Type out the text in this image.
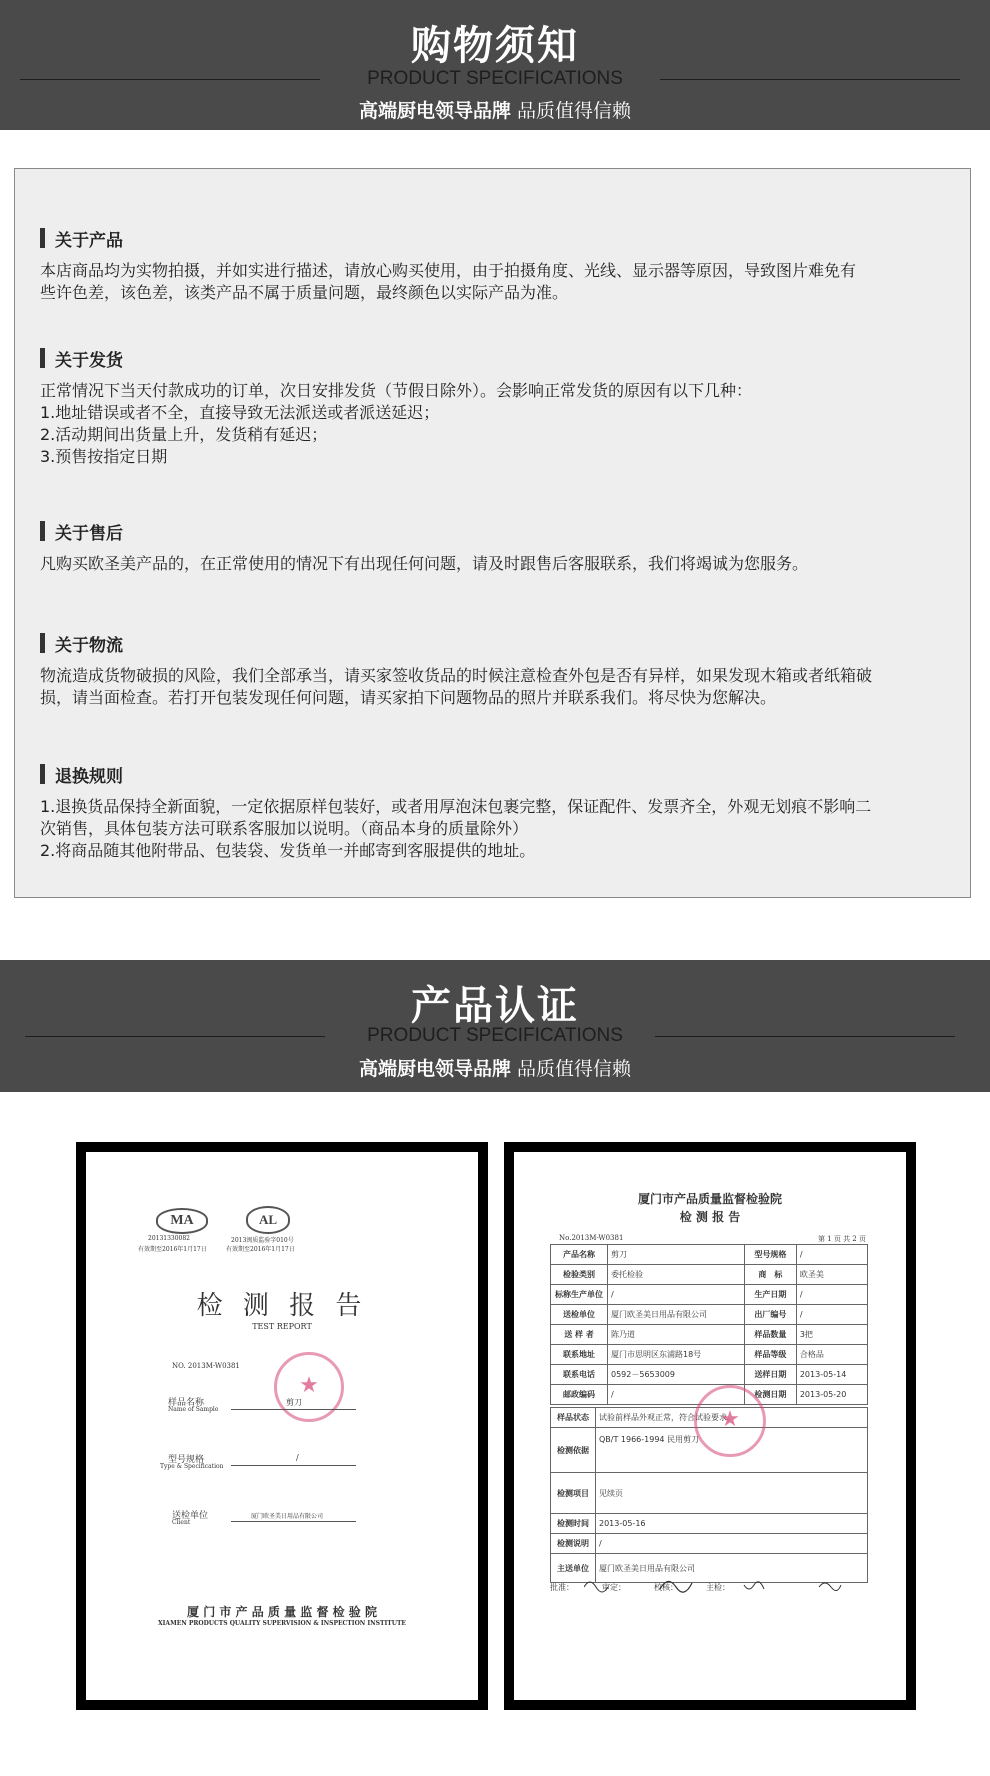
购物须知
PRODUCT SPECIFICATIONS
高端厨电领导品牌 品质值得信赖
关于产品

本店商品均为实物拍摄，并如实进行描述，请放心购买使用，由于拍摄角度、光线、显示器等原因，导致图片难免有

些许色差，该色差，该类产品不属于质量问题，最终颜色以实际产品为准。

关于发货

正常情况下当天付款成功的订单，次日安排发货（节假日除外）。会影响正常发货的原因有以下几种：

1.地址错误或者不全，直接导致无法派送或者派送延迟；

2.活动期间出货量上升，发货稍有延迟；

3.预售按指定日期

关于售后

凡购买欧圣美产品的，在正常使用的情况下有出现任何问题，请及时跟售后客服联系，我们将竭诚为您服务。

关于物流

物流造成货物破损的风险，我们全部承当，请买家签收货品的时候注意检查外包是否有异样，如果发现木箱或者纸箱破

损，请当面检查。若打开包装发现任何问题，请买家拍下问题物品的照片并联系我们。将尽快为您解决。

退换规则

1.退换货品保持全新面貌，一定依据原样包装好，或者用厚泡沫包裹完整，保证配件、发票齐全，外观无划痕不影响二

次销售，具体包装方法可联系客服加以说明。（商品本身的质量除外）

2.将商品随其他附带品、包装袋、发货单一并邮寄到客服提供的地址。

产品认证
PRODUCT SPECIFICATIONS
高端厨电领导品牌 品质值得信赖
MA	AL
20131330082
有效期至2016年1月17日
2013闽质监验字010号
有效期至2016年1月17日
检 测 报 告
TEST REPORT
NO. 2013M-W0381
★
样品名称
Name of Sample
剪刀
型号规格
Type & Specification
/
送检单位
Client
厦门欧圣美日用品有限公司
厦 门 市 产 品 质 量 监 督 检 验 院
XIAMEN PRODUCTS QUALITY SUPERVISION & INSPECTION INSTITUTE
厦门市产品质量监督检验院
检 测 报 告
No.2013M-W0381	第 1 页 共 2 页
产品名称	剪刀	型号规格	/
检验类别	委托检验	商　标	欧圣美
标称生产单位	/	生产日期	/
送检单位	厦门欧圣美日用品有限公司	出厂编号	/
送 样 者	陈乃道	样品数量	3把
联系地址	厦门市思明区东浦路18号	样品等级	合格品
联系电话	0592－5653009	送样日期	2013-05-14
邮政编码	/	检测日期	2013-05-20
样品状态	试验前样品外观正常，符合试验要求。
检测依据	QB/T 1966-1994 民用剪刀
检测项目	见续页
检测时间	2013-05-16
检测说明	/
主送单位	厦门欧圣美日用品有限公司
★
批准：　　　　审定：　　　　校核：　　　　主检：
